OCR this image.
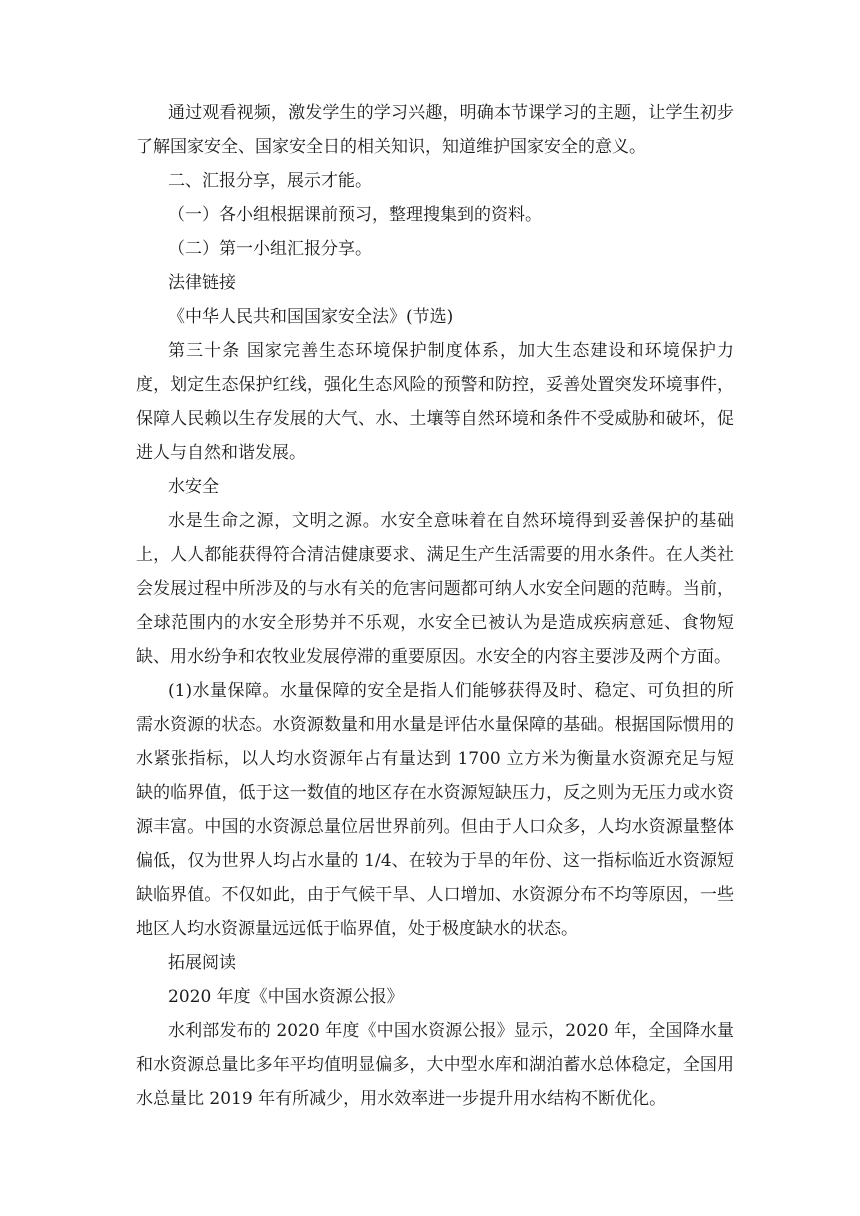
通过观看视频，激发学生的学习兴趣，明确本节课学习的主题，让学生初步了解国家安全、国家安全日的相关知识，知道维护国家安全的意义。

二、汇报分享，展示才能。

（一）各小组根据课前预习，整理搜集到的资料。

（二）第一小组汇报分享。

法律链接

《中华人民共和国国家安全法》(节选)

第三十条 国家完善生态环境保护制度体系，加大生态建设和环境保护力度，划定生态保护红线，强化生态风险的预警和防控，妥善处置突发环境事件，保障人民赖以生存发展的大气、水、土壤等自然环境和条件不受威胁和破坏，促进人与自然和谐发展。

水安全

水是生命之源，文明之源。水安全意味着在自然环境得到妥善保护的基础上，人人都能获得符合清洁健康要求、满足生产生活需要的用水条件。在人类社会发展过程中所涉及的与水有关的危害问题都可纳人水安全问题的范畴。当前，全球范围内的水安全形势并不乐观，水安全已被认为是造成疾病意延、食物短缺、用水纷争和农牧业发展停滞的重要原因。水安全的内容主要涉及两个方面。

(1)水量保障。水量保障的安全是指人们能够获得及时、稳定、可负担的所需水资源的状态。水资源数量和用水量是评估水量保障的基础。根据国际惯用的水紧张指标，以人均水资源年占有量达到 1700 立方米为衡量水资源充足与短缺的临界值，低于这一数值的地区存在水资源短缺压力，反之则为无压力或水资源丰富。中国的水资源总量位居世界前列。但由于人口众多，人均水资源量整体偏低，仅为世界人均占水量的 1/4、在较为于旱的年份、这一指标临近水资源短缺临界值。不仅如此，由于气候干旱、人口增加、水资源分布不均等原因，一些地区人均水资源量远远低于临界值，处于极度缺水的状态。

拓展阅读

2020 年度《中国水资源公报》

水利部发布的 2020 年度《中国水资源公报》显示，2020 年，全国降水量和水资源总量比多年平均值明显偏多，大中型水库和湖泊蓄水总体稳定，全国用水总量比 2019 年有所减少，用水效率进一步提升用水结构不断优化。
